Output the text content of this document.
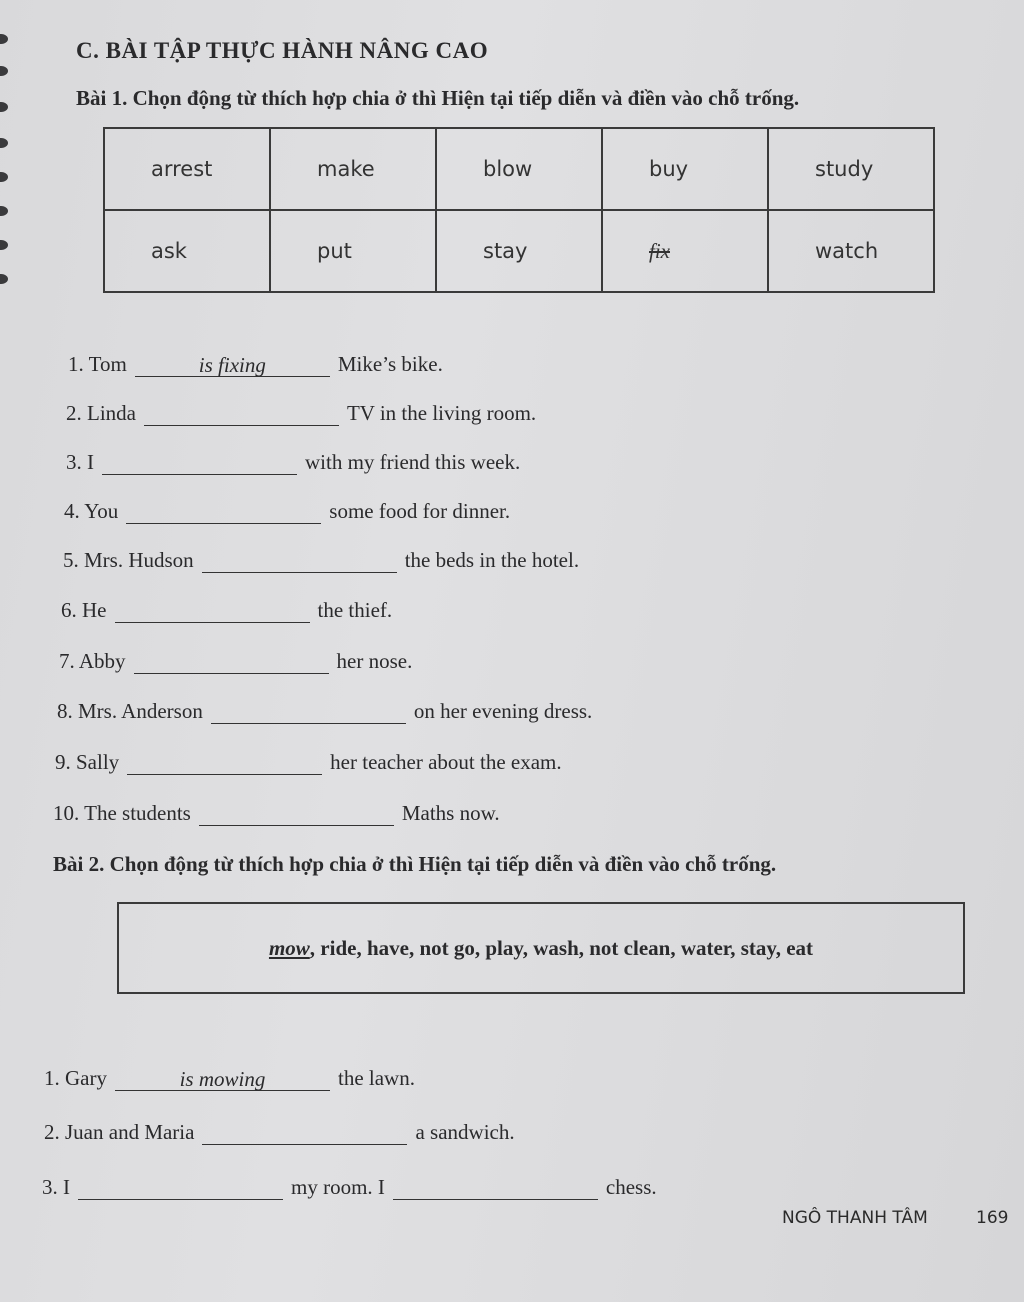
C. BÀI TẬP THỰC HÀNH NÂNG CAO
Bài 1. Chọn động từ thích hợp chia ở thì Hiện tại tiếp diễn và điền vào chỗ trống.
arrest	make	blow	buy	study
ask	put	stay	fix	watch
1. Tom	is fixing	Mike’s bike.
2. Linda	TV in the living room.
3. I	with my friend this week.
4. You	some food for dinner.
5. Mrs. Hudson	the beds in the hotel.
6. He	the thief.
7. Abby	her nose.
8. Mrs. Anderson	on her evening dress.
9. Sally	her teacher about the exam.
10. The students	Maths now.
Bài 2. Chọn động từ thích hợp chia ở thì Hiện tại tiếp diễn và điền vào chỗ trống.
mow , ride, have, not go, play, wash, not clean, water, stay, eat
1. Gary	is mowing	the lawn.
2. Juan and Maria	a sandwich.
3. I	my room. I	chess.
NGÔ THANH TÂM	169
